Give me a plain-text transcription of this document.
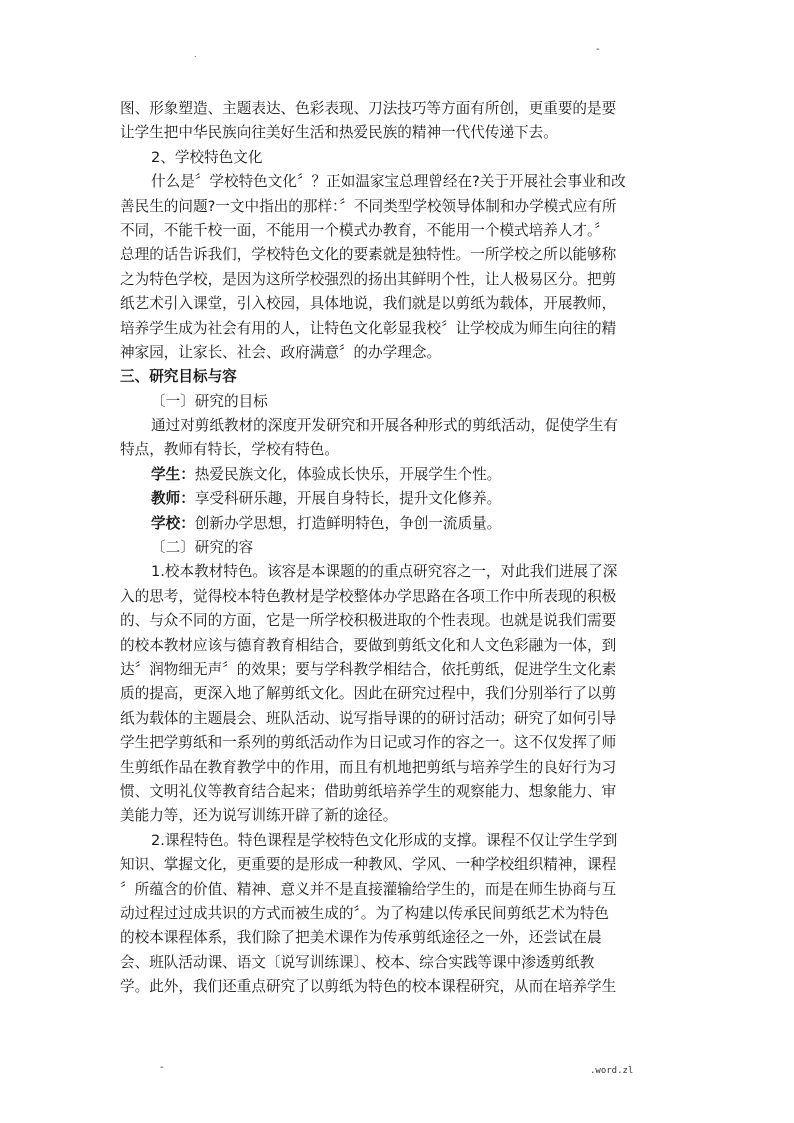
.	-
图、形象塑造、主题表达、色彩表现、刀法技巧等方面有所创，更重要的是要
让学生把中华民族向往美好生活和热爱民族的精神一代代传递下去。
2、学校特色文化
什么是〞学校特色文化〞？正如温家宝总理曾经在?关于开展社会事业和改
善民生的问题?一文中指出的那样：〞不同类型学校领导体制和办学模式应有所
不同，不能千校一面，不能用一个模式办教育，不能用一个模式培养人才。〞
总理的话告诉我们，学校特色文化的要素就是独特性。一所学校之所以能够称
之为特色学校，是因为这所学校强烈的扬出其鲜明个性，让人极易区分。把剪
纸艺术引入课堂，引入校园，具体地说，我们就是以剪纸为载体，开展教师，
培养学生成为社会有用的人，让特色文化彰显我校〞让学校成为师生向往的精
神家园，让家长、社会、政府满意〞的办学理念。
三、研究目标与容
〔一〕研究的目标
通过对剪纸教材的深度开发研究和开展各种形式的剪纸活动，促使学生有
特点，教师有特长，学校有特色。
学生：热爱民族文化，体验成长快乐，开展学生个性。
教师：享受科研乐趣，开展自身特长，提升文化修养。
学校：创新办学思想，打造鲜明特色，争创一流质量。
〔二〕研究的容
1.校本教材特色。该容是本课题的的重点研究容之一，对此我们进展了深
入的思考，觉得校本特色教材是学校整体办学思路在各项工作中所表现的积极
的、与众不同的方面，它是一所学校积极进取的个性表现。也就是说我们需要
的校本教材应该与德育教育相结合，要做到剪纸文化和人文色彩融为一体，到
达〞润物细无声〞的效果；要与学科教学相结合，依托剪纸，促进学生文化素
质的提高，更深入地了解剪纸文化。因此在研究过程中，我们分别举行了以剪
纸为载体的主题晨会、班队活动、说写指导课的的研讨活动；研究了如何引导
学生把学剪纸和一系列的剪纸活动作为日记或习作的容之一。这不仅发挥了师
生剪纸作品在教育教学中的作用，而且有机地把剪纸与培养学生的良好行为习
惯、文明礼仪等教育结合起来；借助剪纸培养学生的观察能力、想象能力、审
美能力等，还为说写训练开辟了新的途径。
2.课程特色。特色课程是学校特色文化形成的支撑。课程不仅让学生学到
知识、掌握文化，更重要的是形成一种教风、学风、一种学校组织精神，课程
〞所蕴含的价值、精神、意义并不是直接灌输给学生的，而是在师生协商与互
动过程过过成共识的方式而被生成的〞。为了构建以传承民间剪纸艺术为特色
的校本课程体系，我们除了把美术课作为传承剪纸途径之一外，还尝试在晨
会、班队活动课、语文〔说写训练课〕、校本、综合实践等课中渗透剪纸教
学。此外，我们还重点研究了以剪纸为特色的校本课程研究，从而在培养学生
-	.word.zl
